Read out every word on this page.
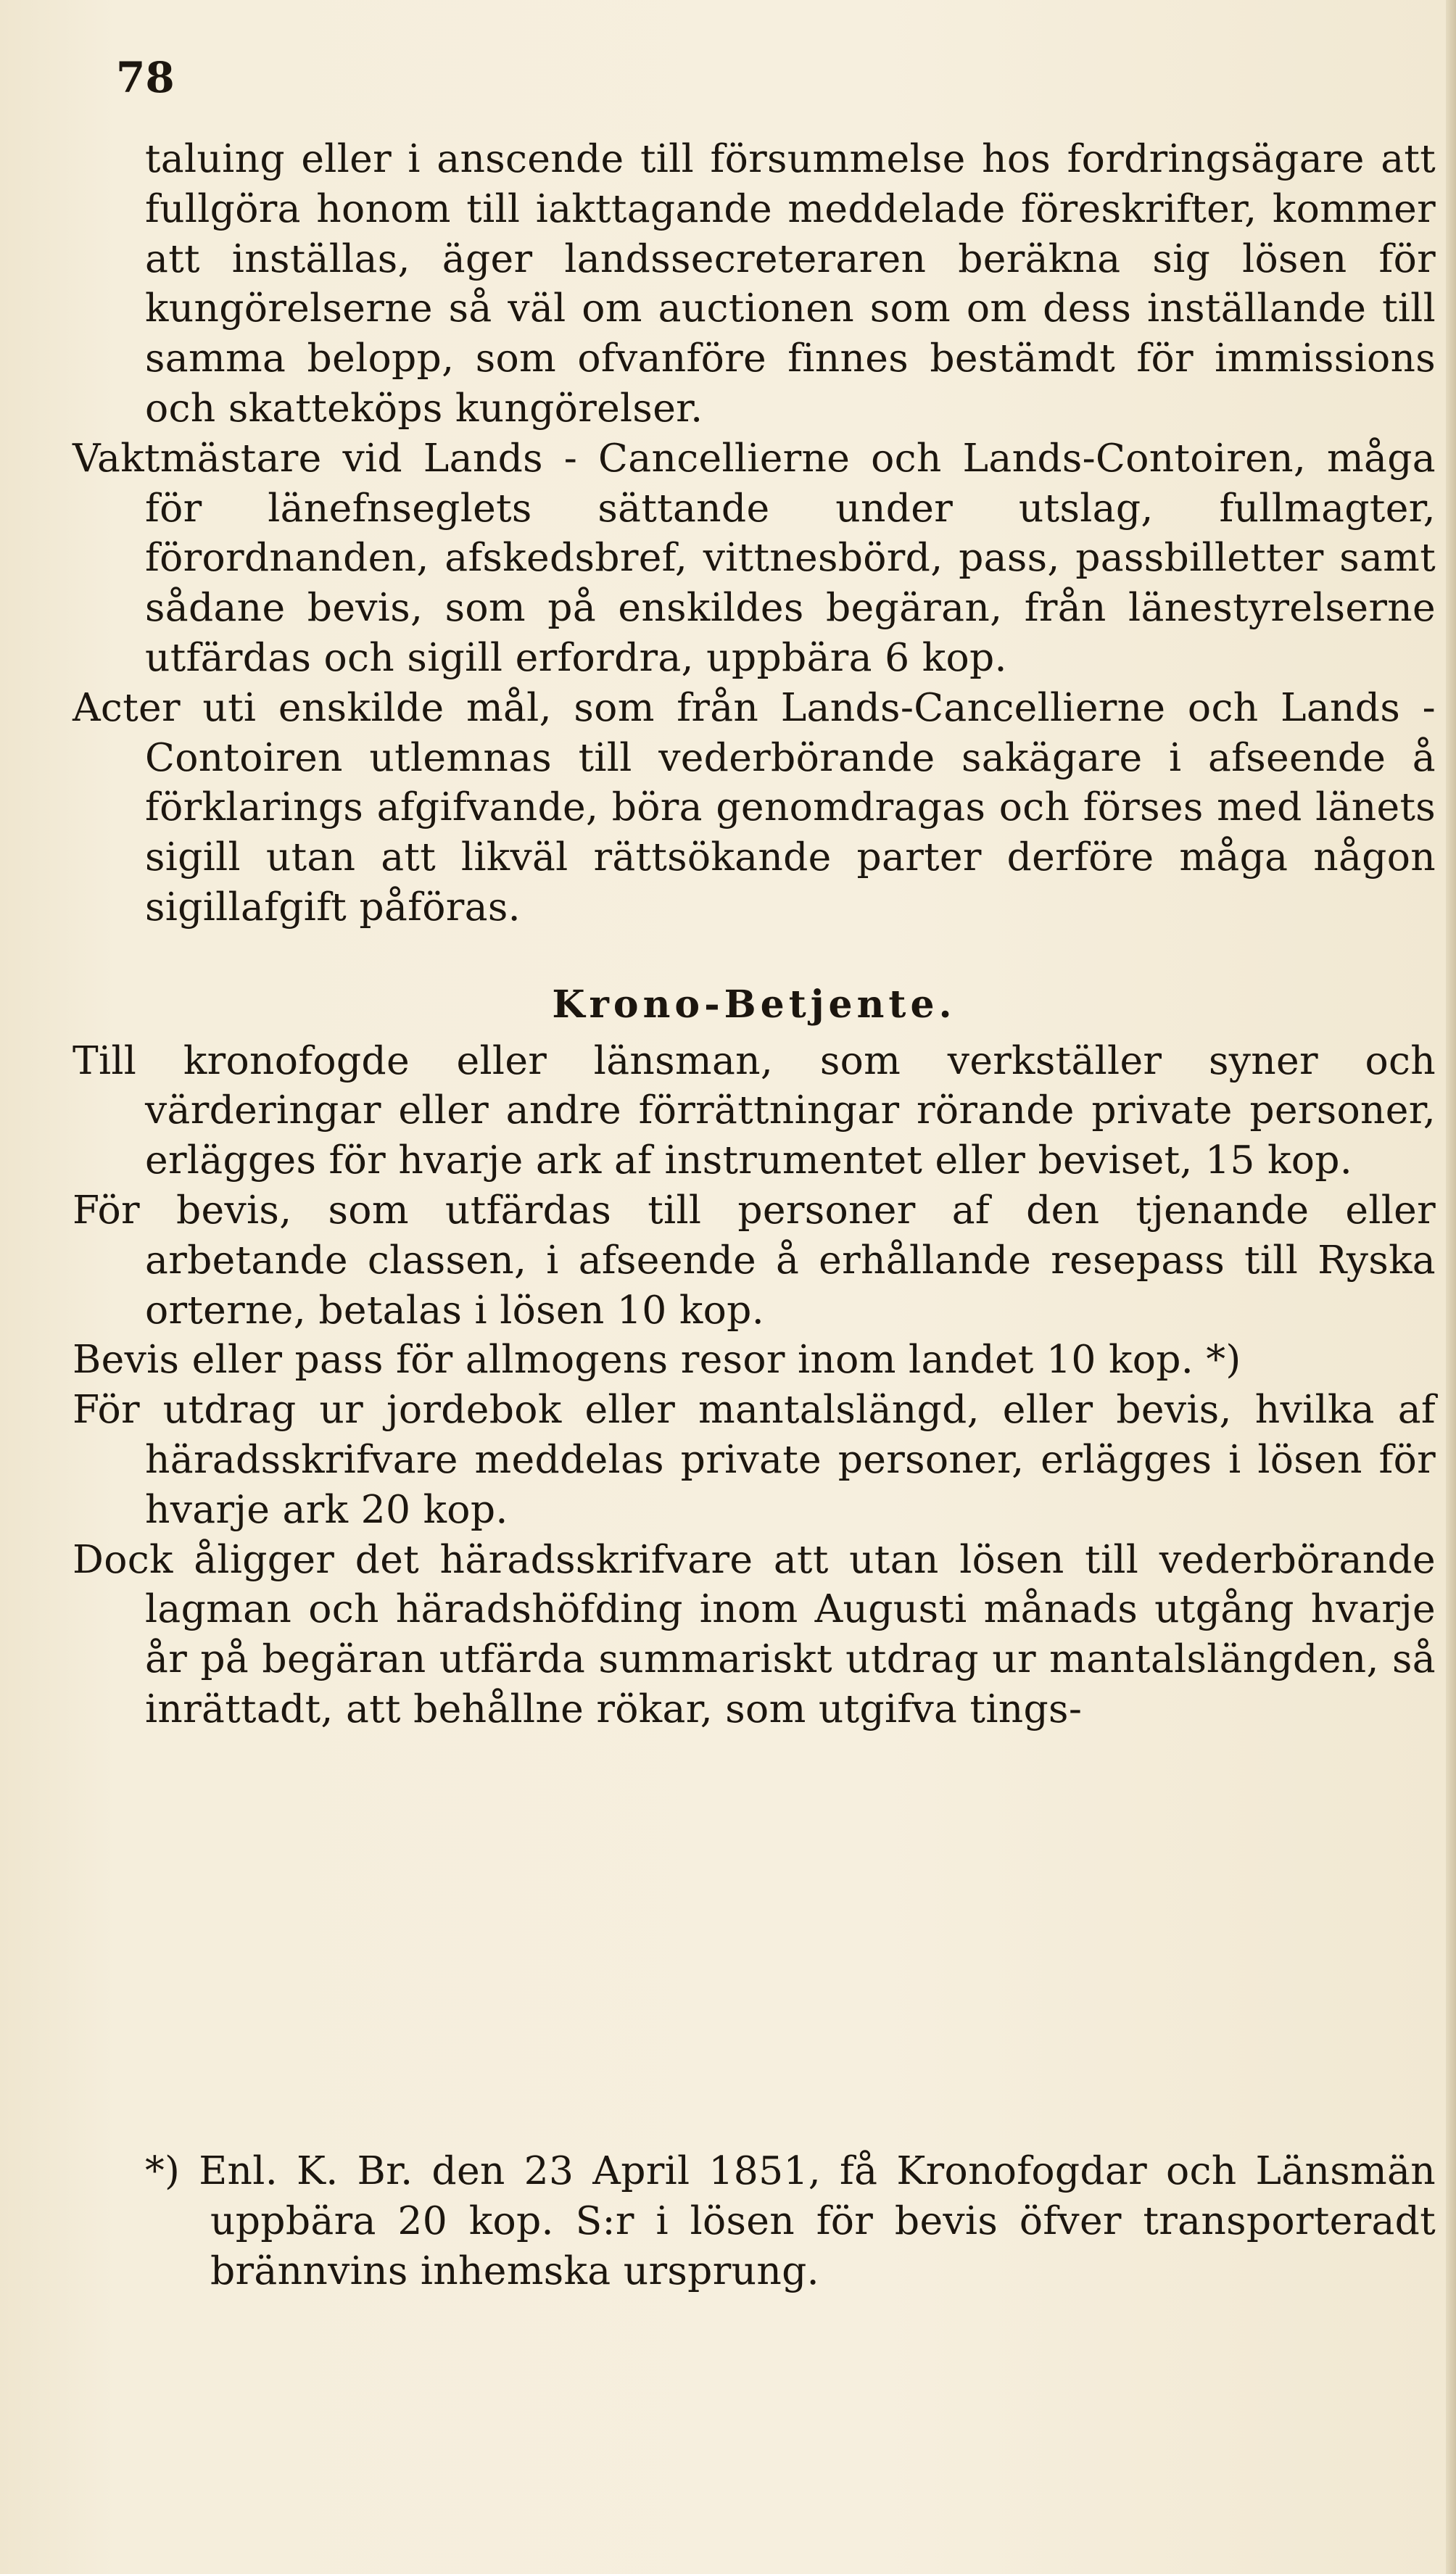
78

taluing eller i anscende till försummelse hos fordringsägare att fullgöra honom till iakttagande meddelade föreskrifter, kommer att inställas, äger landssecreteraren beräkna sig lösen för kungörelserne så väl om auctionen som om dess inställande till samma belopp, som ofvanföre finnes bestämdt för immissions och skatteköps kungörelser.

Vaktmästare vid Lands - Cancellierne och Lands-Contoiren, måga för länefnseglets sättande under utslag, fullmagter, förordnanden, afskedsbref, vittnesbörd, pass, passbilletter samt sådane bevis, som på enskildes begäran, från länestyrelserne utfärdas och sigill erfordra, uppbära 6 kop.

Acter uti enskilde mål, som från Lands-Cancellierne och Lands - Contoiren utlemnas till vederbörande sakägare i afseende å förklarings afgifvande, böra genomdragas och förses med länets sigill utan att likväl rättsökande parter derföre måga någon sigillafgift påföras.

Krono-Betjente.

Till kronofogde eller länsman, som verkställer syner och värderingar eller andre förrättningar rörande private personer, erlägges för hvarje ark af instrumentet eller beviset, 15 kop.

För bevis, som utfärdas till personer af den tjenande eller arbetande classen, i afseende å erhållande resepass till Ryska orterne, betalas i lösen 10 kop.

Bevis eller pass för allmogens resor inom landet 10 kop. *)

För utdrag ur jordebok eller mantalslängd, eller bevis, hvilka af häradsskrifvare meddelas private personer, erlägges i lösen för hvarje ark 20 kop.

Dock åligger det häradsskrifvare att utan lösen till vederbörande lagman och häradshöfding inom Augusti månads utgång hvarje år på begäran utfärda summariskt utdrag ur mantalslängden, så inrättadt, att behållne rökar, som utgifva tings-

*) Enl. K. Br. den 23 April 1851, få Kronofogdar och Länsmän uppbära 20 kop. S:r i lösen för bevis öfver transporteradt brännvins inhemska ursprung.
